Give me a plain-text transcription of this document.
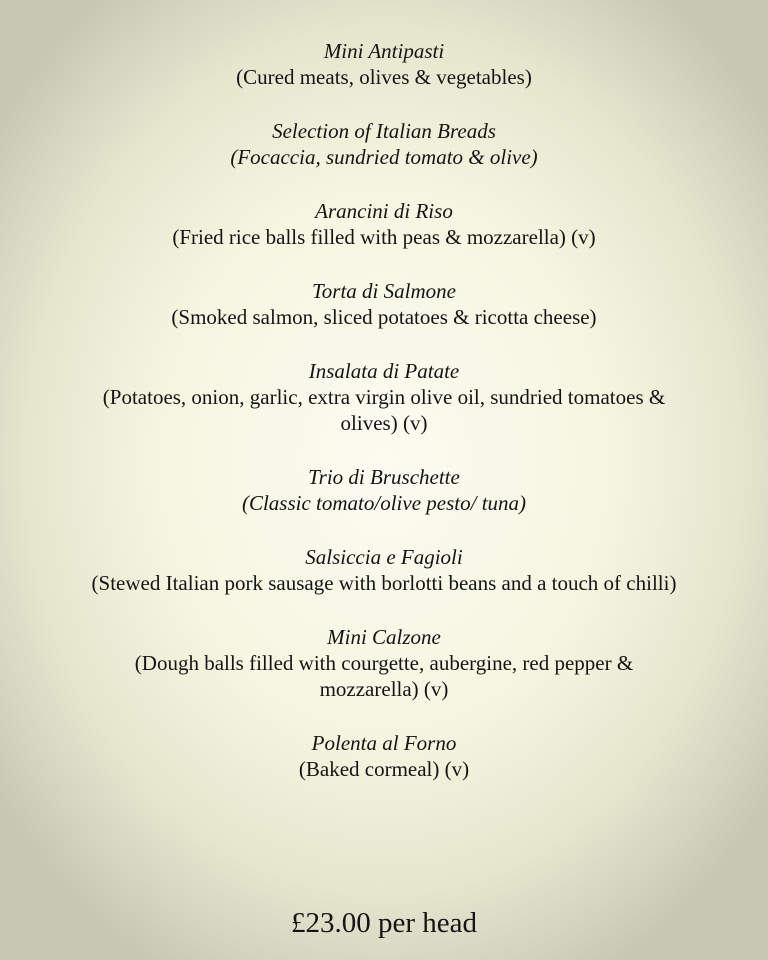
Mini Antipasti
(Cured meats, olives & vegetables)
Selection of Italian Breads
(Focaccia, sundried tomato & olive)
Arancini di Riso
(Fried rice balls filled with peas & mozzarella) (v)
Torta di Salmone
(Smoked salmon, sliced potatoes & ricotta cheese)
Insalata di Patate
(Potatoes, onion, garlic, extra virgin olive oil, sundried tomatoes & olives) (v)
Trio di Bruschette
(Classic tomato/olive pesto/ tuna)
Salsiccia e Fagioli
(Stewed Italian pork sausage with borlotti beans and a touch of chilli)
Mini Calzone
(Dough balls filled with courgette, aubergine, red pepper & mozzarella) (v)
Polenta al Forno
(Baked cormeal) (v)
£23.00 per head
